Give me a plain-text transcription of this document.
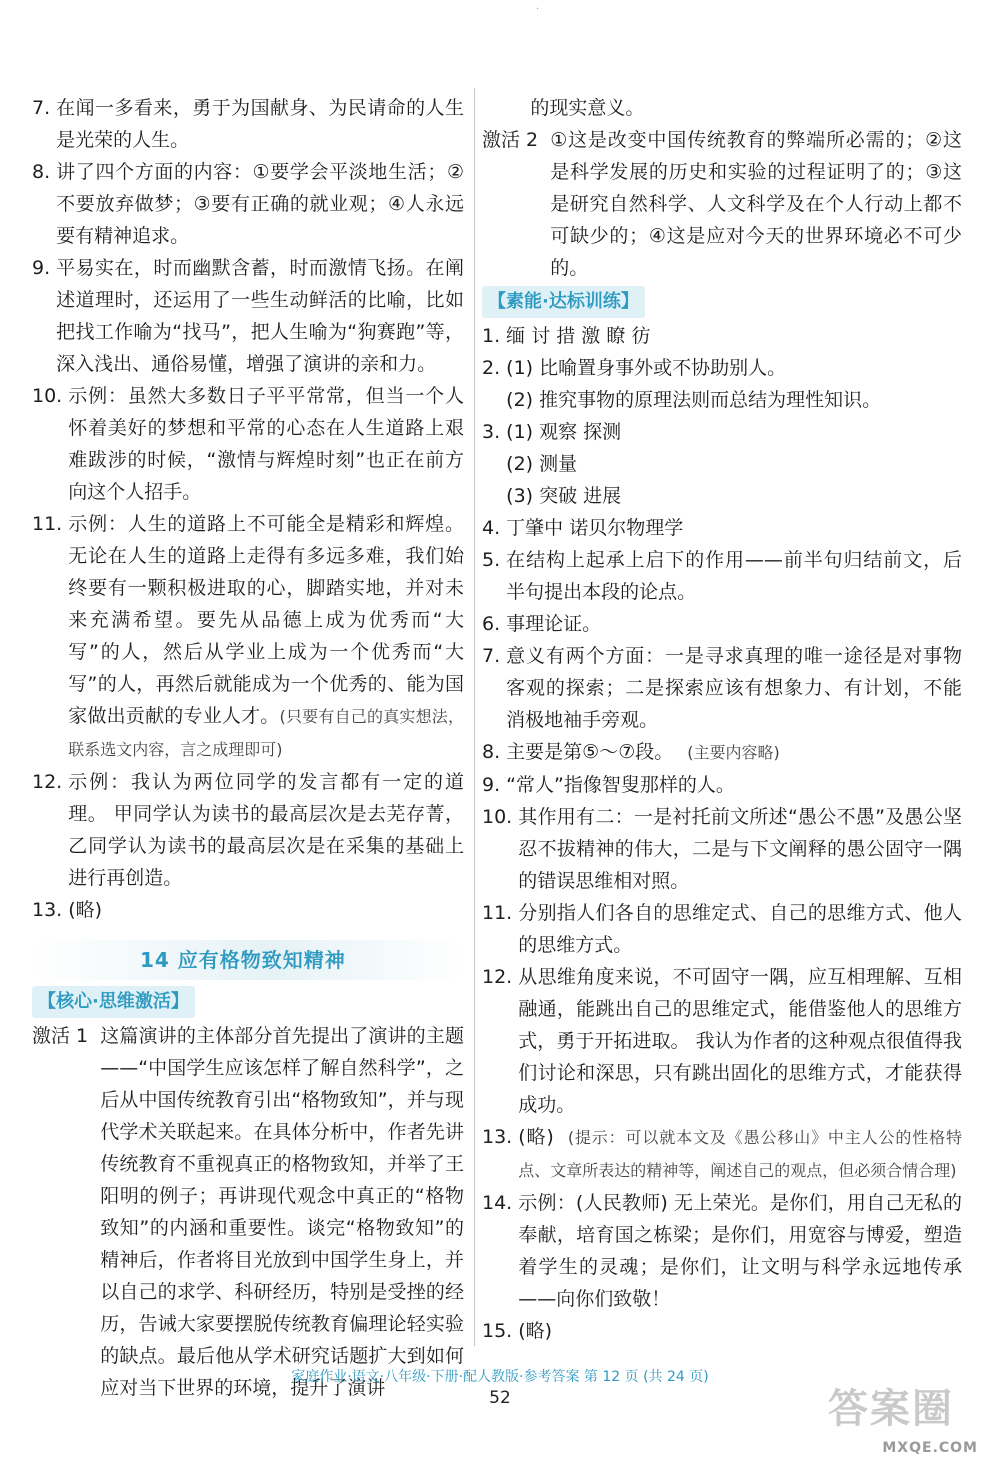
·
7. 在闻一多看来，勇于为国献身、为民请命的人生是光荣的人生。
8. 讲了四个方面的内容：①要学会平淡地生活；②不要放弃做梦；③要有正确的就业观；④人永远要有精神追求。
9. 平易实在，时而幽默含蓄，时而激情飞扬。在阐述道理时，还运用了一些生动鲜活的比喻，比如把找工作喻为“找马”，把人生喻为“狗赛跑”等，深入浅出、通俗易懂，增强了演讲的亲和力。
10. 示例：虽然大多数日子平平常常，但当一个人怀着美好的梦想和平常的心态在人生道路上艰难跋涉的时候，“激情与辉煌时刻”也正在前方向这个人招手。
11. 示例：人生的道路上不可能全是精彩和辉煌。无论在人生的道路上走得有多远多难，我们始终要有一颗积极进取的心，脚踏实地，并对未来充满希望。要先从品德上成为优秀而“大写”的人，然后从学业上成为一个优秀而“大写”的人，再然后就能成为一个优秀的、能为国家做出贡献的专业人才。(只要有自己的真实想法，联系选文内容，言之成理即可)
12. 示例：我认为两位同学的发言都有一定的道理。 甲同学认为读书的最高层次是去芜存菁，乙同学认为读书的最高层次是在采集的基础上进行再创造。
13. (略)
14 应有格物致知精神
【核心·思维激活】
激活 1 这篇演讲的主体部分首先提出了演讲的主题——“中国学生应该怎样了解自然科学”，之后从中国传统教育引出“格物致知”，并与现代学术关联起来。在具体分析中，作者先讲传统教育不重视真正的格物致知，并举了王阳明的例子；再讲现代观念中真正的“格物致知”的内涵和重要性。谈完“格物致知”的精神后，作者将目光放到中国学生身上，并以自己的求学、科研经历，特别是受挫的经历，告诫大家要摆脱传统教育偏理论轻实验的缺点。最后他从学术研究话题扩大到如何应对当下世界的环境，提升了演讲

的现实意义。
激活 2 ①这是改变中国传统教育的弊端所必需的；②这是科学发展的历史和实验的过程证明了的；③这是研究自然科学、人文科学及在个人行动上都不可缺少的；④这是应对今天的世界环境必不可少的。
【素能·达标训练】
1. 缅 讨 措 激 瞭 彷
2. (1) 比喻置身事外或不协助别人。
(2) 推究事物的原理法则而总结为理性知识。
3. (1) 观察 探测
(2) 测量
(3) 突破 进展
4. 丁肇中 诺贝尔物理学
5. 在结构上起承上启下的作用——前半句归结前文，后半句提出本段的论点。
6. 事理论证。
7. 意义有两个方面：一是寻求真理的唯一途径是对事物客观的探索；二是探索应该有想象力、有计划，不能消极地袖手旁观。
8. 主要是第⑤～⑦段。 (主要内容略)
9. “常人”指像智叟那样的人。
10. 其作用有二：一是衬托前文所述“愚公不愚”及愚公坚忍不拔精神的伟大，二是与下文阐释的愚公固守一隅的错误思维相对照。
11. 分别指人们各自的思维定式、自己的思维方式、他人的思维方式。
12. 从思维角度来说，不可固守一隅，应互相理解、互相融通，能跳出自己的思维定式，能借鉴他人的思维方式，勇于开拓进取。 我认为作者的这种观点很值得我们讨论和深思，只有跳出固化的思维方式，才能获得成功。
13. (略) (提示：可以就本文及《愚公移山》中主人公的性格特点、文章所表达的精神等，阐述自己的观点，但必须合情合理)
14. 示例：(人民教师) 无上荣光。是你们，用自己无私的奉献，培育国之栋梁；是你们，用宽容与博爱，塑造着学生的灵魂；是你们，让文明与科学永远地传承——向你们致敬！
15. (略)
家庭作业·语文·八年级·下册·配人教版·参考答案 第 12 页 (共 24 页)
52	答案圈
MXQE.COM
